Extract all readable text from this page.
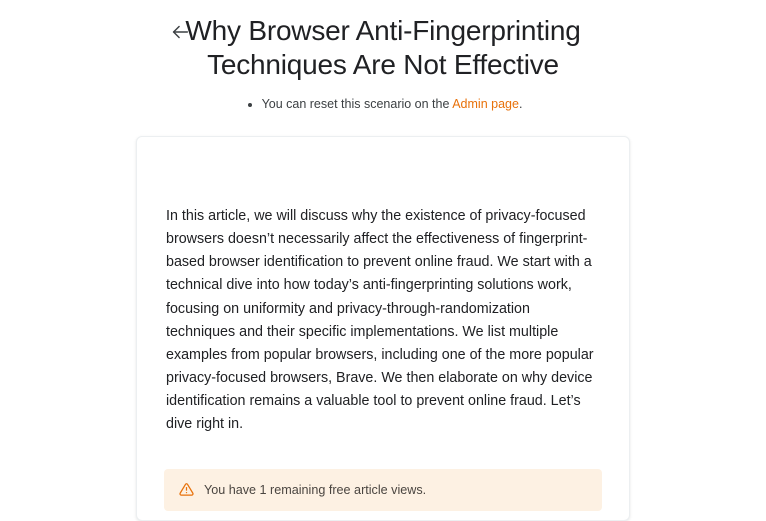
Why Browser Anti-Fingerprinting Techniques Are Not Effective
• You can reset this scenario on the Admin page.

In this article, we will discuss why the existence of privacy-focused browsers doesn’t necessarily affect the effectiveness of fingerprint-based browser identification to prevent online fraud. We start with a technical dive into how today’s anti-fingerprinting solutions work, focusing on uniformity and privacy-through-randomization techniques and their specific implementations. We list multiple examples from popular browsers, including one of the more popular privacy-focused browsers, Brave. We then elaborate on why device identification remains a valuable tool to prevent online fraud. Let’s dive right in.

You have 1 remaining free article views.
